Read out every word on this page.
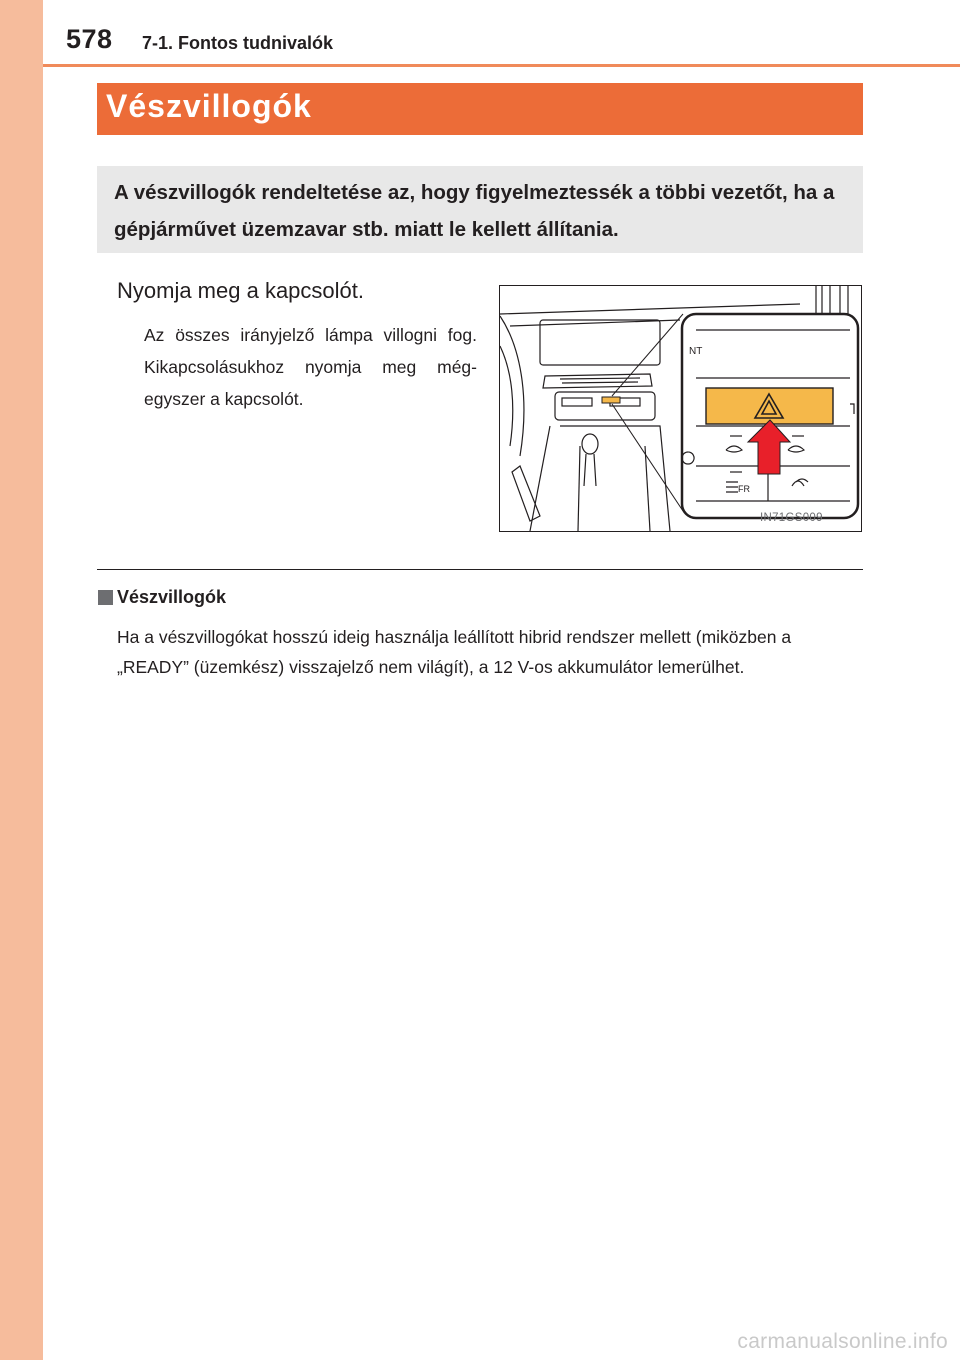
578 7-1. Fontos tudnivalók
Vészvillogók

A vészvillogók rendeltetése az, hogy figyelmeztessék a többi vezetőt, ha a gépjárművet üzemzavar stb. miatt le kellett állítania.

Nyomja meg a kapcsolót.

Az összes irányjelző lámpa villogni fog. Kikapcsolásukhoz nyomja meg még-egyszer a kapcsolót.

NT
FR
IN71GS009
Vészvillogók

Ha a vészvillogókat hosszú ideig használja leállított hibrid rendszer mellett (miközben a „READY” (üzemkész) visszajelző nem világít), a 12 V-os akkumulátor lemerülhet.

carmanualsonline.info
